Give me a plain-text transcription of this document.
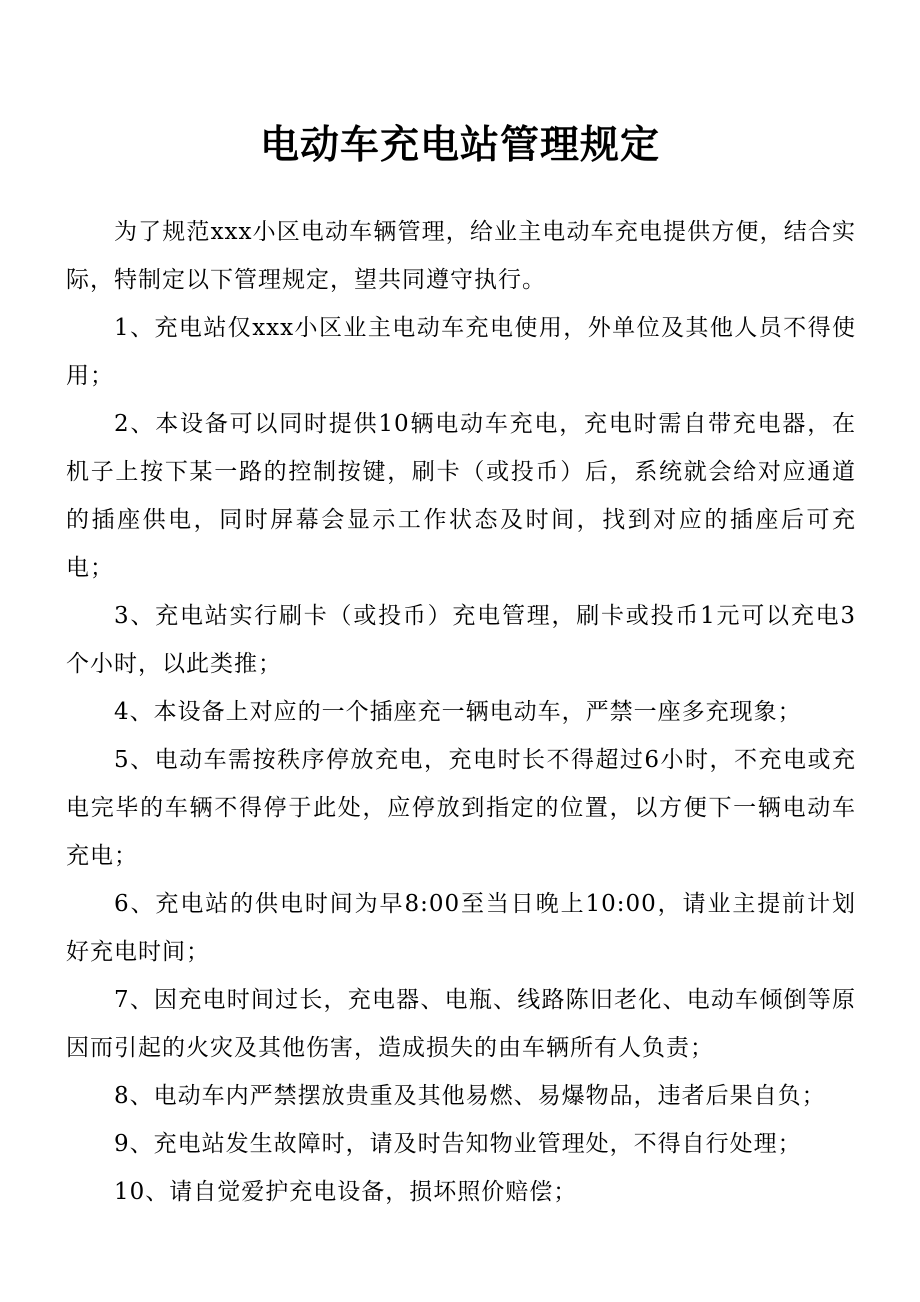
电动车充电站管理规定

为了规范xxx小区电动车辆管理，给业主电动车充电提供方便，结合实际，特制定以下管理规定，望共同遵守执行。

1、充电站仅xxx小区业主电动车充电使用，外单位及其他人员不得使用；

2、本设备可以同时提供10辆电动车充电，充电时需自带充电器，在机子上按下某一路的控制按键，刷卡（或投币）后，系统就会给对应通道的插座供电，同时屏幕会显示工作状态及时间，找到对应的插座后可充电；

3、充电站实行刷卡（或投币）充电管理，刷卡或投币1元可以充电3个小时，以此类推；

4、本设备上对应的一个插座充一辆电动车，严禁一座多充现象；

5、电动车需按秩序停放充电，充电时长不得超过6小时，不充电或充电完毕的车辆不得停于此处，应停放到指定的位置，以方便下一辆电动车充电；

6、充电站的供电时间为早8:00至当日晚上10:00，请业主提前计划好充电时间；

7、因充电时间过长，充电器、电瓶、线路陈旧老化、电动车倾倒等原因而引起的火灾及其他伤害，造成损失的由车辆所有人负责；

8、电动车内严禁摆放贵重及其他易燃、易爆物品，违者后果自负；

9、充电站发生故障时，请及时告知物业管理处，不得自行处理；

10、请自觉爱护充电设备，损坏照价赔偿；
